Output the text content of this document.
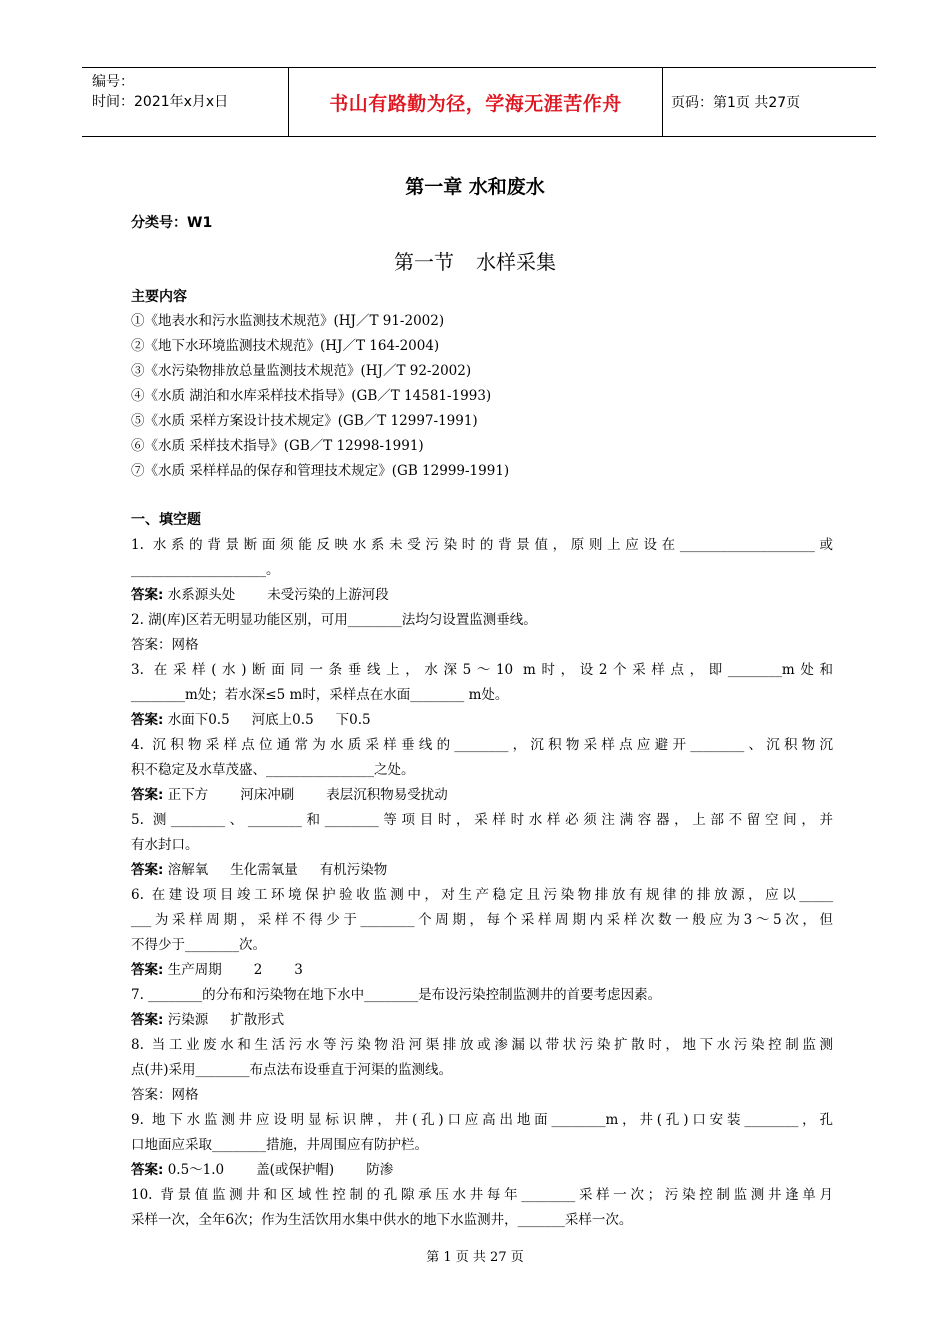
编号：
时间：2021年x月x日	书山有路勤为径，学海无涯苦作舟	页码：第1页 共27页
第一章 水和废水
分类号：W1
第一节 水样采集
主要内容
①《地表水和污水监测技术规范》(HJ／T 91-2002)
②《地下水环境监测技术规范》(HJ／T 164-2004)
③《水污染物排放总量监测技术规范》(HJ／T 92-2002)
④《水质 湖泊和水库采样技术指导》(GB／T 14581-1993)
⑤《水质 采样方案设计技术规定》(GB／T 12997-1991)
⑥《水质 采样技术指导》(GB／T 12998-1991)
⑦《水质 采样样品的保存和管理技术规定》(GB 12999-1991)
一、填空题
1. 水系的背景断面须能反映水系未受污染时的背景值，原则上应设在____________________或
____________________。
答案: 水系源头处 未受污染的上游河段
2. 湖(库)区若无明显功能区别，可用________法均匀设置监测垂线。
答案：网格
3. 在采样(水)断面同一条垂线上，水深5～10 m时，设2个采样点，即________m处和
________m处；若水深≤5 m时，采样点在水面________ m处。
答案: 水面下0.5 河底上0.5 下0.5
4. 沉积物采样点位通常为水质采样垂线的________，沉积物采样点应避开________、沉积物沉
积不稳定及水草茂盛、________________之处。
答案: 正下方 河床冲刷 表层沉积物易受扰动
5. 测________、________和________等项目时，采样时水样必须注满容器，上部不留空间，并
有水封口。
答案: 溶解氧 生化需氧量 有机污染物
6. 在建设项目竣工环境保护验收监测中，对生产稳定且污染物排放有规律的排放源，应以_____
___为采样周期，采样不得少于________个周期，每个采样周期内采样次数一般应为3～5次，但
不得少于________次。
答案: 生产周期 2 3
7. ________的分布和污染物在地下水中________是布设污染控制监测井的首要考虑因素。
答案: 污染源 扩散形式
8. 当工业废水和生活污水等污染物沿河渠排放或渗漏以带状污染扩散时，地下水污染控制监测
点(井)采用________布点法布设垂直于河渠的监测线。
答案：网格
9. 地下水监测井应设明显标识牌，井(孔)口应高出地面________m，井(孔)口安装________，孔
口地面应采取________措施，井周围应有防护栏。
答案: 0.5～1.0 盖(或保护帽) 防渗
10. 背景值监测井和区域性控制的孔隙承压水井每年________采样一次；污染控制监测井逢单月
采样一次，全年6次；作为生活饮用水集中供水的地下水监测井，_______采样一次。
第 1 页 共 27 页
